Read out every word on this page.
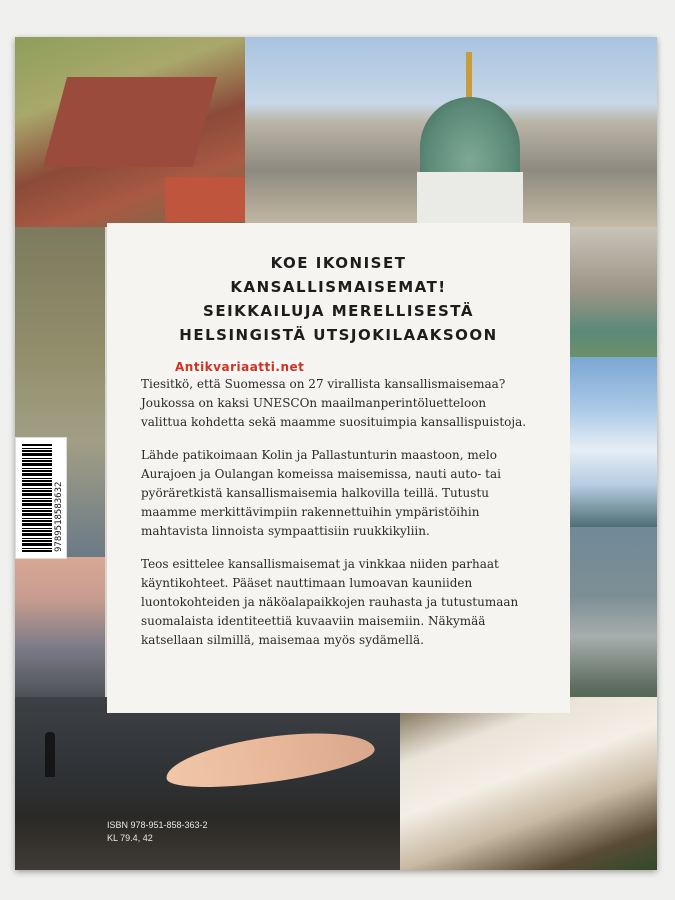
9789518583632
KOE IKONISET
KANSALLISMAISEMAT!
SEIKKAILUJA MERELLISESTÄ
HELSINGISTÄ UTSJOKILAAKSOON

Tiesitkö, että Suomessa on 27 virallista kansallismaisemaa? Joukossa on kaksi UNESCOn maailmanperintöluetteloon valittua kohdetta sekä maamme suosituimpia kansallispuistoja.

Lähde patikoimaan Kolin ja Pallastunturin maastoon, melo Aurajoen ja Oulangan komeissa maisemissa, nauti auto- tai pyöräretkistä kansallismaisemia halkovilla teillä. Tutustu maamme merkittävimpiin rakennettuihin ympäristöihin mahtavista linnoista sympaattisiin ruukkikyliin.

Teos esittelee kansallismaisemat ja vinkkaa niiden parhaat käyntikohteet. Pääset nauttimaan lumoavan kauniiden luontokohteiden ja näköalapaikkojen rauhasta ja tutustumaan suomalaista identiteettiä kuvaaviin maisemiin. Näkymää katsellaan silmillä, maisemaa myös sydämellä.

ISBN 978-951-858-363-2
KL 79.4, 42
Antikvariaatti.net
